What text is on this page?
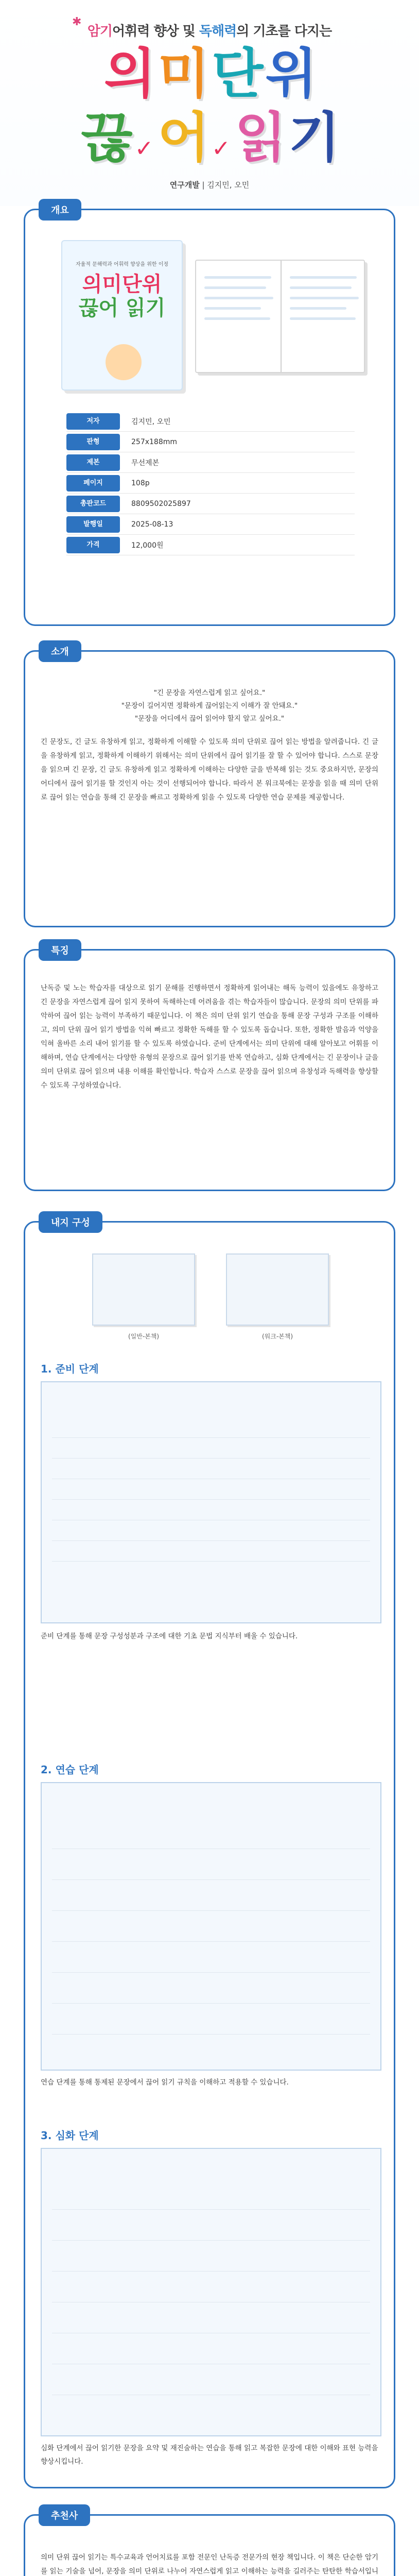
✱
암기어휘력 향상 및 독해력의 기초를 다지는
의 미 단 위
끊 ✓ 어 ✓ 읽 기
연구개발 | 김지민, 오민
개요
자율적 문해력과 어휘력 향상을 위한 이정
의미단위
끊어 읽기
저자	김지민, 오민
판형	257x188mm
제본	무선제본
페이지	108p
총판코드	8809502025897
발행일	2025-08-13
가격	12,000원
소개
"긴 문장을 자연스럽게 읽고 싶어요."
"문장이 길어지면 정확하게 끊어읽는지 이해가 잘 안돼요."
"문장을 어디에서 끊어 읽어야 할지 알고 싶어요."
긴 문장도, 긴 글도 유창하게 읽고, 정확하게 이해할 수 있도록 의미 단위로 끊어 읽는 방법을 알려줍니다. 긴 글을 유창하게 읽고, 정확하게 이해하기 위해서는 의미 단위에서 끊어 읽기를 잘 할 수 있어야 합니다. 스스로 문장을 읽으며 긴 문장, 긴 글도 유창하게 읽고 정확하게 이해하는 다양한 글을 반복해 읽는 것도 중요하지만, 문장의 어디에서 끊어 읽기를 할 것인지 아는 것이 선행되어야 합니다. 따라서 본 워크북에는 문장을 읽을 때 의미 단위로 끊어 읽는 연습을 통해 긴 문장을 빠르고 정확하게 읽을 수 있도록 다양한 연습 문제를 제공합니다.
특징
난독증 및 노는 학습자를 대상으로 읽기 문해를 진행하면서 정확하게 읽어내는 해독 능력이 있을에도 유창하고 긴 문장을 자연스럽게 끊어 읽지 못하여 독해하는데 어려움을 겪는 학습자들이 많습니다. 문장의 의미 단위를 파악하여 끊어 읽는 능력이 부족하기 때문입니다. 이 책은 의미 단위 읽기 연습을 통해 문장 구성과 구조를 이해하고, 의미 단위 끊어 읽기 방법을 익혀 빠르고 정확한 독해를 할 수 있도록 돕습니다. 또한, 정확한 발음과 억양을 익혀 올바른 소리 내어 읽기를 할 수 있도록 하였습니다. 준비 단계에서는 의미 단위에 대해 알아보고 어휘를 이해하며, 연습 단계에서는 다양한 유형의 문장으로 끊어 읽기를 반복 연습하고, 심화 단계에서는 긴 문장이나 글을 의미 단위로 끊어 읽으며 내용 이해를 확인합니다. 학습자 스스로 문장을 끊어 읽으며 유창성과 독해력을 향상할 수 있도록 구성하였습니다.
내지 구성
(일반-본책)	(워크-본책)
1. 준비 단계
준비 단계를 통해 문장 구성성분과 구조에 대한 기초 문법 지식부터 배울 수 있습니다.
2. 연습 단계
연습 단계를 통해 통제된 문장에서 끊어 읽기 규칙을 이해하고 적용할 수 있습니다.
3. 심화 단계
심화 단계에서 끊어 읽기한 문장을 요약 및 재진술하는 연습을 통해 읽고 복잡한 문장에 대한 이해와 표현 능력을 향상시킵니다.
추천사
의미 단위 끊어 읽기는 특수교육과 언어치료를 포함 전문인 난독증 전문가의 현장 책입니다. 이 책은 단순한 암기를 읽는 기술을 넘어, 문장을 의미 단위로 나누어 자연스럽게 읽고 이해하는 능력을 길러주는 탄탄한 학습서입니
